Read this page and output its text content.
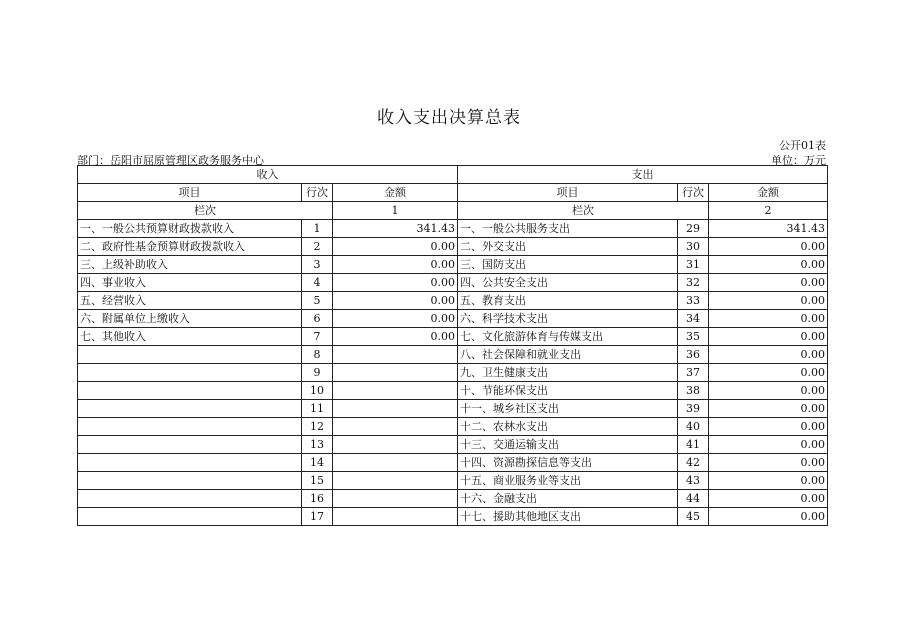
收入支出决算总表
公开01表
部门：岳阳市屈原管理区政务服务中心	单位：万元
收入			支出		
项目	行次	金额	项目	行次	金额
栏次		1	栏次		2
一、一般公共预算财政拨款收入	1	341.43	一、一般公共服务支出	29	341.43
二、政府性基金预算财政拨款收入	2	0.00	二、外交支出	30	0.00
三、上级补助收入	3	0.00	三、国防支出	31	0.00
四、事业收入	4	0.00	四、公共安全支出	32	0.00
五、经营收入	5	0.00	五、教育支出	33	0.00
六、附属单位上缴收入	6	0.00	六、科学技术支出	34	0.00
七、其他收入	7	0.00	七、文化旅游体育与传媒支出	35	0.00
	8		八、社会保障和就业支出	36	0.00
	9		九、卫生健康支出	37	0.00
	10		十、节能环保支出	38	0.00
	11		十一、城乡社区支出	39	0.00
	12		十二、农林水支出	40	0.00
	13		十三、交通运输支出	41	0.00
	14		十四、资源勘探信息等支出	42	0.00
	15		十五、商业服务业等支出	43	0.00
	16		十六、金融支出	44	0.00
	17		十七、援助其他地区支出	45	0.00
